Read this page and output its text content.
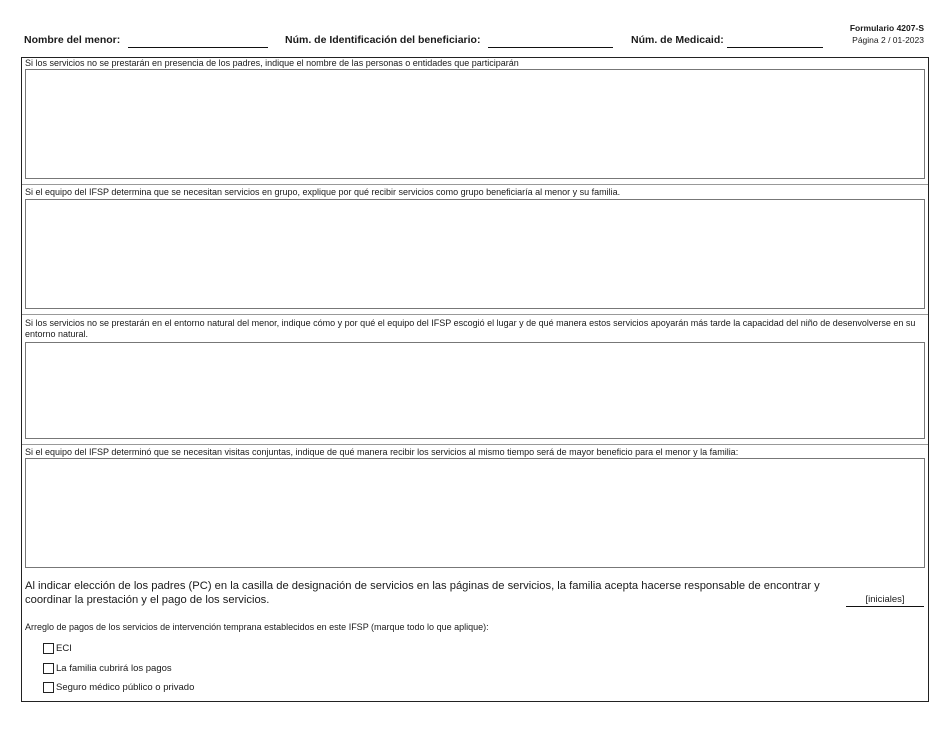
Nombre del menor:	Núm. de Identificación del beneficiario:	Núm. de Medicaid:
Formulario 4207-S
Página 2 / 01-2023
Si los servicios no se prestarán en presencia de los padres, indique el nombre de las personas o entidades que participarán
Si el equipo del IFSP determina que se necesitan servicios en grupo, explique por qué recibir servicios como grupo beneficiaría al menor y su familia.
Si los servicios no se prestarán en el entorno natural del menor, indique cómo y por qué el equipo del IFSP escogió el lugar y de qué manera estos servicios apoyarán más tarde la capacidad del niño de desenvolverse en su entorno natural.
Si el equipo del IFSP determinó que se necesitan visitas conjuntas, indique de qué manera recibir los servicios al mismo tiempo será de mayor beneficio para el menor y la familia:
Al indicar elección de los padres (PC) en la casilla de designación de servicios en las páginas de servicios, la familia acepta hacerse responsable de encontrar y coordinar la prestación y el pago de los servicios.	[iniciales]
Arreglo de pagos de los servicios de intervención temprana establecidos en este IFSP (marque todo lo que aplique):
ECI
La familia cubrirá los pagos
Seguro médico público o privado
